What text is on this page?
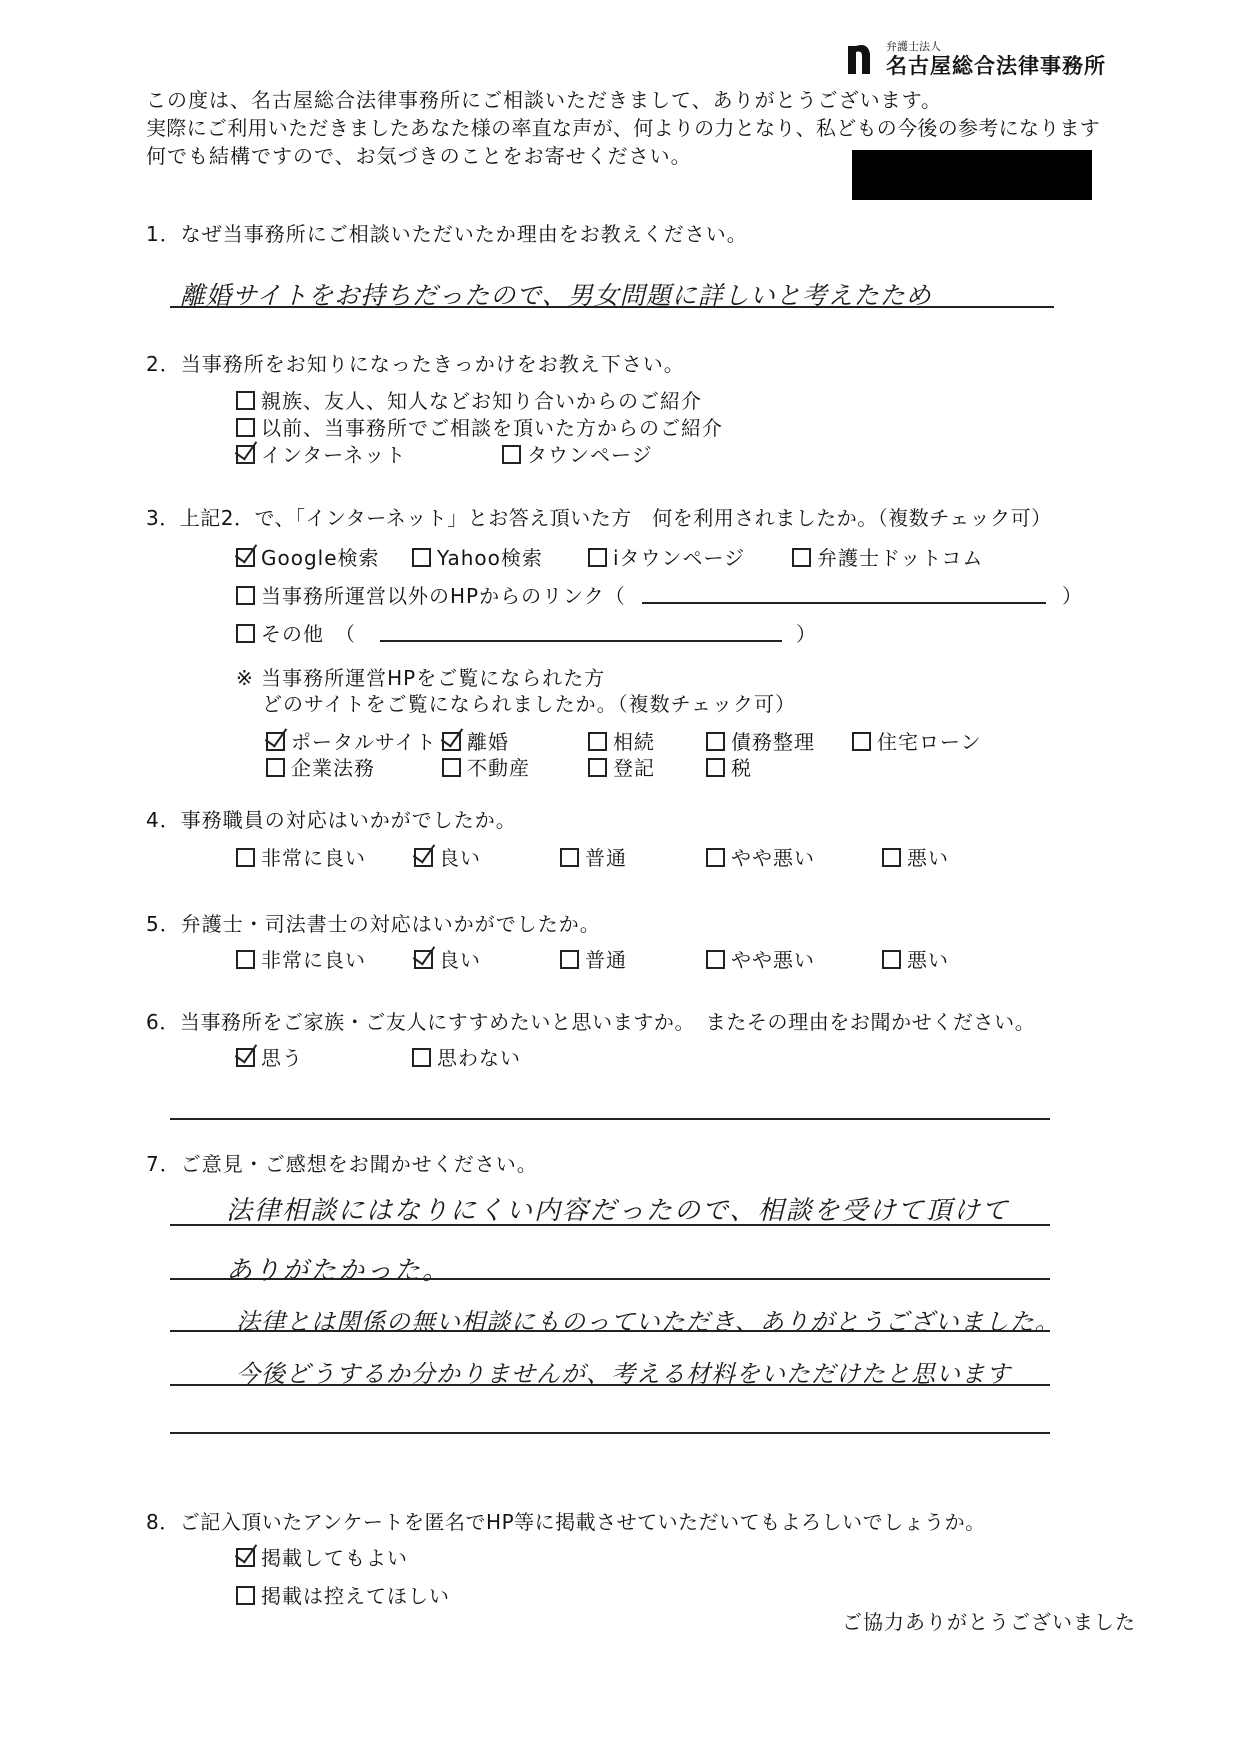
弁護士法人
名古屋総合法律事務所
この度は、名古屋総合法律事務所にご相談いただきまして、ありがとうございます。
実際にご利用いただきましたあなた様の率直な声が、何よりの力となり、私どもの今後の参考になります
何でも結構ですので、お気づきのことをお寄せください。
1．なぜ当事務所にご相談いただいたか理由をお教えください。
離婚サイトをお持ちだったので、男女問題に詳しいと考えたため
2．当事務所をお知りになったきっかけをお教え下さい。
親族、友人、知人などお知り合いからのご紹介
以前、当事務所でご相談を頂いた方からのご紹介
インターネット	タウンページ
3．上記2．で、「インターネット」とお答え頂いた方　何を利用されましたか。（複数チェック可）
Google検索	Yahoo検索	iタウンページ	弁護士ドットコム
当事務所運営以外のHPからのリンク（	）
その他　（	）
※ 当事務所運営HPをご覧になられた方
どのサイトをご覧になられましたか。（複数チェック可）
ポータルサイト	離婚	相続	債務整理	住宅ローン
企業法務	不動産	登記	税
4．事務職員の対応はいかがでしたか。
非常に良い	良い	普通	やや悪い	悪い
5．弁護士・司法書士の対応はいかがでしたか。
非常に良い	良い	普通	やや悪い	悪い
6．当事務所をご家族・ご友人にすすめたいと思いますか。　またその理由をお聞かせください。
思う	思わない
7．ご意見・ご感想をお聞かせください。
法律相談にはなりにくい内容だったので、相談を受けて頂けて
ありがたかった。
法律とは関係の無い相談にものっていただき、ありがとうございました。
今後どうするか分かりませんが、考える材料をいただけたと思います
8．ご記入頂いたアンケートを匿名でHP等に掲載させていただいてもよろしいでしょうか。
掲載してもよい
掲載は控えてほしい
ご協力ありがとうございました
